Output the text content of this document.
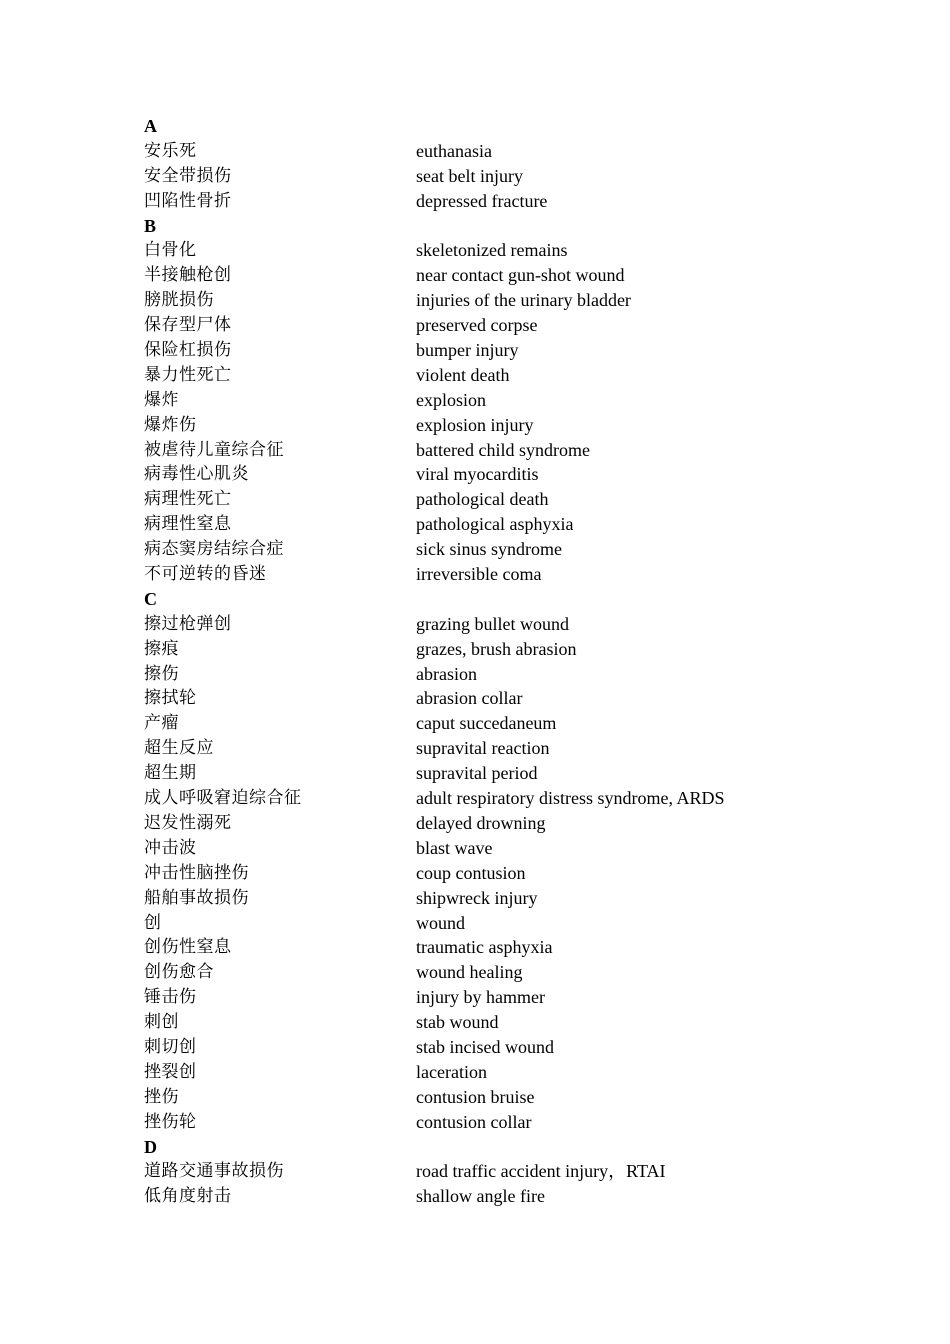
A
安乐死	euthanasia
安全带损伤	seat belt injury
凹陷性骨折	depressed fracture
B
白骨化	skeletonized remains
半接触枪创	near contact gun-shot wound
膀胱损伤	injuries of the urinary bladder
保存型尸体	preserved corpse
保险杠损伤	bumper injury
暴力性死亡	violent death
爆炸	explosion
爆炸伤	explosion injury
被虐待儿童综合征	battered child syndrome
病毒性心肌炎	viral myocarditis
病理性死亡	pathological death
病理性窒息	pathological asphyxia
病态窦房结综合症	sick sinus syndrome
不可逆转的昏迷	irreversible coma
C
擦过枪弹创	grazing bullet wound
擦痕	grazes, brush abrasion
擦伤	abrasion
擦拭轮	abrasion collar
产瘤	caput succedaneum
超生反应	supravital reaction
超生期	supravital period
成人呼吸窘迫综合征	adult respiratory distress syndrome, ARDS
迟发性溺死	delayed drowning
冲击波	blast wave
冲击性脑挫伤	coup contusion
船舶事故损伤	shipwreck injury
创	wound
创伤性窒息	traumatic asphyxia
创伤愈合	wound healing
锤击伤	injury by hammer
刺创	stab wound
刺切创	stab incised wound
挫裂创	laceration
挫伤	contusion bruise
挫伤轮	contusion collar
D
道路交通事故损伤	road traffic accident injury，RTAI
低角度射击	shallow angle fire
